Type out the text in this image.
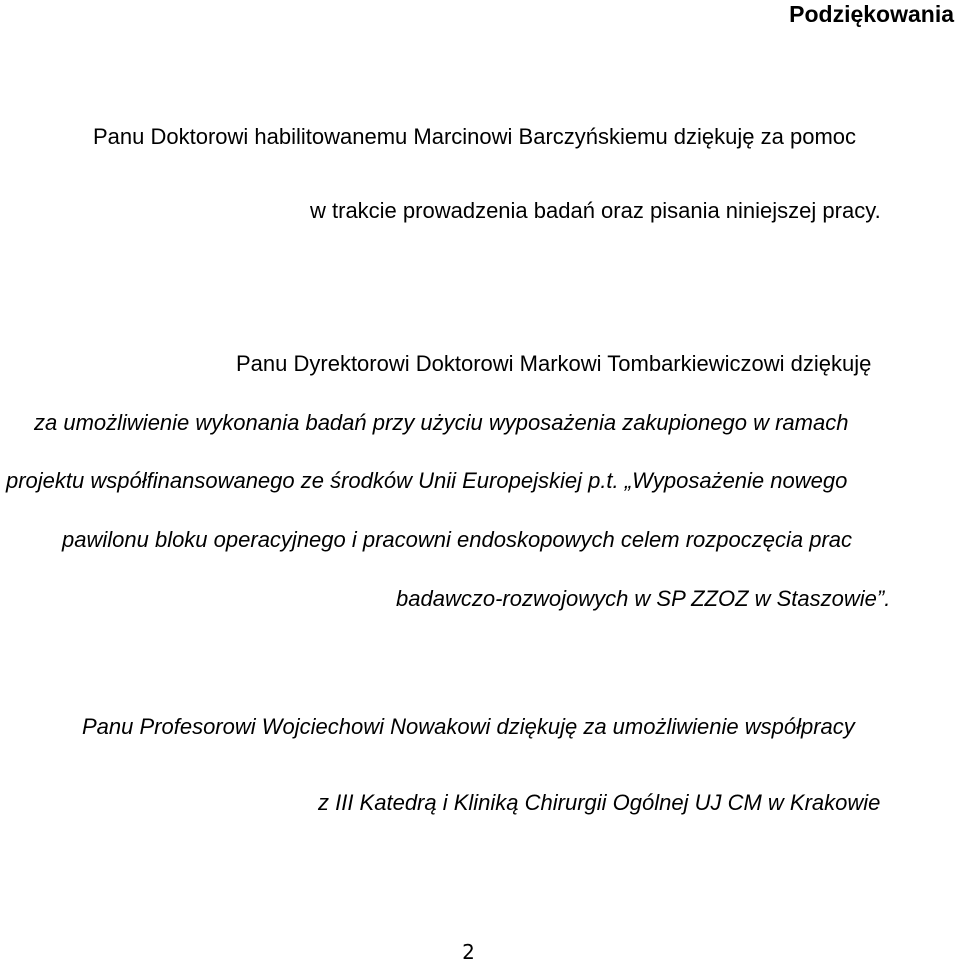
Podziękowania
Panu Doktorowi habilitowanemu Marcinowi Barczyńskiemu dziękuję za pomoc
w trakcie prowadzenia badań oraz pisania niniejszej pracy.
Panu Dyrektorowi Doktorowi Markowi Tombarkiewiczowi dziękuję
za umożliwienie wykonania badań przy użyciu wyposażenia zakupionego w ramach
projektu współfinansowanego ze środków Unii Europejskiej p.t. „Wyposażenie nowego
pawilonu bloku operacyjnego i pracowni endoskopowych celem rozpoczęcia prac
badawczo-rozwojowych w SP ZZOZ w Staszowie”.
Panu Profesorowi Wojciechowi Nowakowi dziękuję za umożliwienie współpracy
z III Katedrą i Kliniką Chirurgii Ogólnej UJ CM w Krakowie
2
